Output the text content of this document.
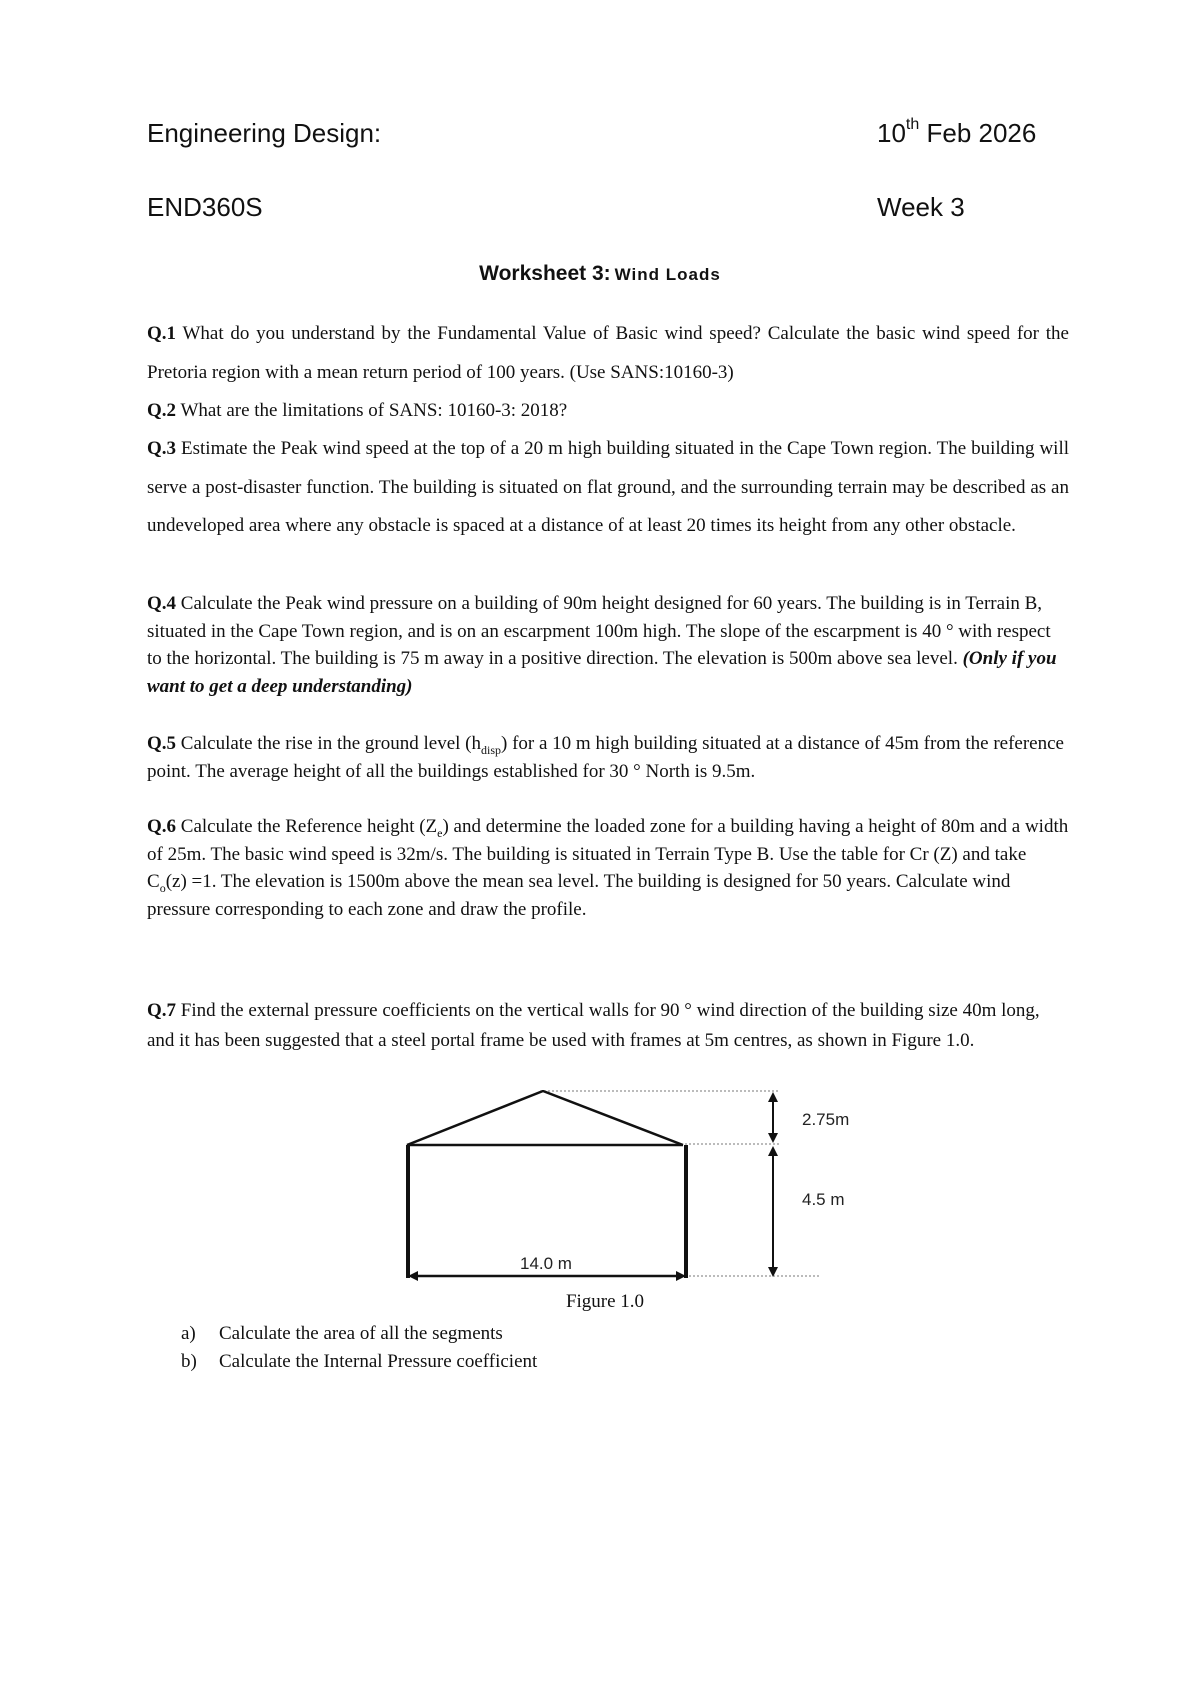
Engineering Design:	10th Feb 2026
END360S	Week 3
Worksheet 3: Wind Loads

Q.1 What do you understand by the Fundamental Value of Basic wind speed? Calculate the basic wind speed for the Pretoria region with a mean return period of 100 years. (Use SANS:10160-3)

Q.2 What are the limitations of SANS: 10160-3: 2018?

Q.3 Estimate the Peak wind speed at the top of a 20 m high building situated in the Cape Town region. The building will serve a post-disaster function. The building is situated on flat ground, and the surrounding terrain may be described as an undeveloped area where any obstacle is spaced at a distance of at least 20 times its height from any other obstacle.

Q.4 Calculate the Peak wind pressure on a building of 90m height designed for 60 years. The building is in Terrain B, situated in the Cape Town region, and is on an escarpment 100m high. The slope of the escarpment is 40 ° with respect to the horizontal. The building is 75 m away in a positive direction. The elevation is 500m above sea level. (Only if you want to get a deep understanding)

Q.5 Calculate the rise in the ground level $(h_{disp})$ for a 10 m high building situated at a distance of 45m from the reference point. The average height of all the buildings established for 30 ° North is 9.5m.

Q.6 Calculate the Reference height $(Z_e)$ and determine the loaded zone for a building having a height of 80m and a width of 25m. The basic wind speed is 32m/s. The building is situated in Terrain Type B. Use the table for Cr (Z) and take $C_o(z) =1$. The elevation is 1500m above the mean sea level. The building is designed for 50 years. Calculate wind pressure corresponding to each zone and draw the profile.

Q.7 Find the external pressure coefficients on the vertical walls for 90 ° wind direction of the building size 40m long, and it has been suggested that a steel portal frame be used with frames at 5m centres, as shown in Figure 1.0.

2.75m
4.5 m
14.0 m
Figure 1.0
a) Calculate the area of all the segments
b) Calculate the Internal Pressure coefficient
